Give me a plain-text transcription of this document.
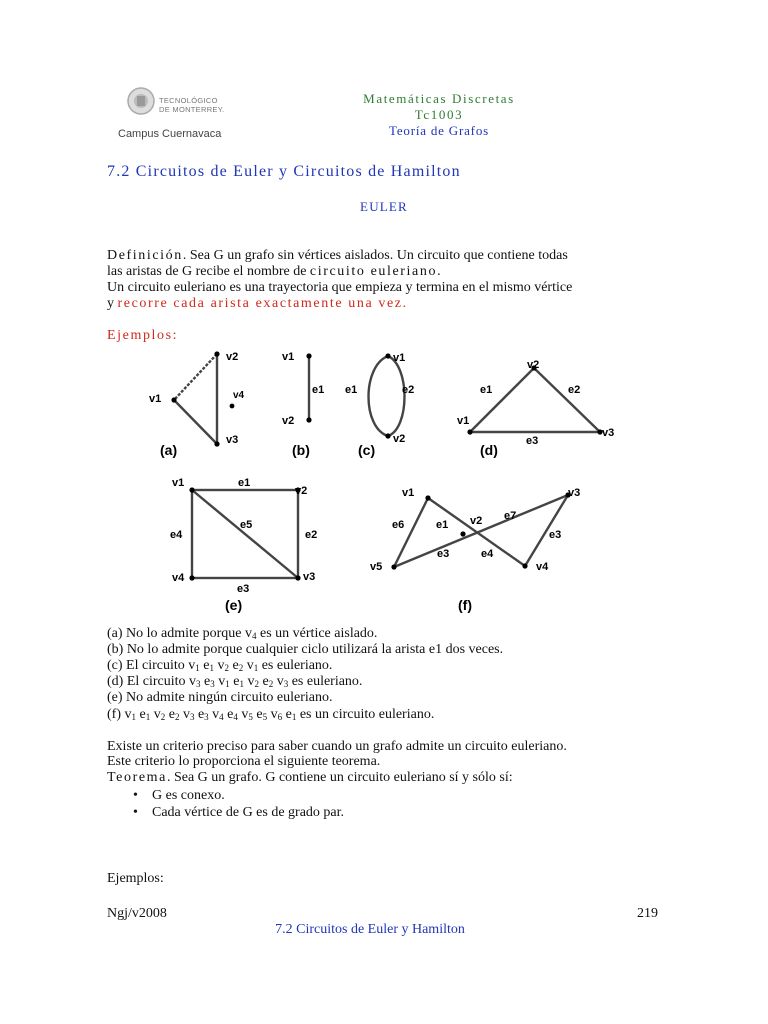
TECNOLÓGICO
DE MONTERREY.
Campus Cuernavaca
Matemáticas Discretas
Tc1003
Teoría de Grafos
7.2 Circuitos de Euler y Circuitos de Hamilton
EULER
Definición. Sea G un grafo sin vértices aislados. Un circuito que contiene todas
las aristas de G recibe el nombre de circuito euleriano.
Un circuito euleriano es una trayectoria que empieza y termina en el mismo vértice
y recorre cada arista exactamente una vez.
Ejemplos:
v2
v1	v4
v3
(a)
v1
e1
v2
(b)
v1
e1	e2
v2
(c)
v2
e1	e2
v1
v3
e3
(d)
v1	e1
v2
e5
e4	e2
v4	v3
e3
(e)
v1	v3
e7
e6	e1 v2
e3
e3	e4
v5	v4
(f)
(a) No lo admite porque $v_4$ es un vértice aislado.
(b) No lo admite porque cualquier ciclo utilizará la arista e1 dos veces.
(c) El circuito $v_1$ $e_1$ $v_2$ $e_2$ $v_1$ es euleriano.
(d) El circuito $v_3$ $e_3$ $v_1$ $e_1$ $v_2$ $e_2$ $v_3$ es euleriano.
(e) No admite ningún circuito euleriano.
(f) $v_1$ $e_1$ $v_2$ $e_2$ $v_3$ $e_3$ $v_4$ $e_4$ $v_5$ $e_5$ $v_6$ $e_1$ es un circuito euleriano.
Existe un criterio preciso para saber cuando un grafo admite un circuito euleriano.
Este criterio lo proporciona el siguiente teorema.
Teorema. Sea G un grafo. G contiene un circuito euleriano sí y sólo sí:
• G es conexo.
• Cada vértice de G es de grado par.
Ejemplos:
Ngj/v2008	219
7.2 Circuitos de Euler y Hamilton
